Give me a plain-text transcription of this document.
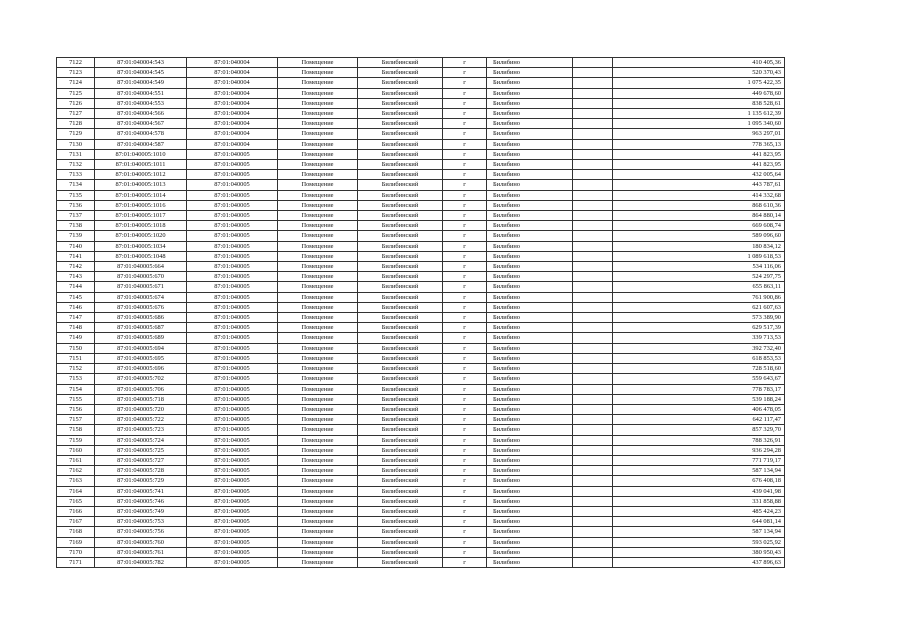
7122	87:01:040004:543	87:01:040004	Помещение	Билибинский	г	Билибино		410 405,36
7123	87:01:040004:545	87:01:040004	Помещение	Билибинский	г	Билибино		520 370,43
7124	87:01:040004:549	87:01:040004	Помещение	Билибинский	г	Билибино		1 075 422,35
7125	87:01:040004:551	87:01:040004	Помещение	Билибинский	г	Билибино		449 678,60
7126	87:01:040004:553	87:01:040004	Помещение	Билибинский	г	Билибино		838 528,61
7127	87:01:040004:566	87:01:040004	Помещение	Билибинский	г	Билибино		1 135 612,39
7128	87:01:040004:567	87:01:040004	Помещение	Билибинский	г	Билибино		1 095 340,60
7129	87:01:040004:578	87:01:040004	Помещение	Билибинский	г	Билибино		963 297,01
7130	87:01:040004:587	87:01:040004	Помещение	Билибинский	г	Билибино		778 365,13
7131	87:01:040005:1010	87:01:040005	Помещение	Билибинский	г	Билибино		441 823,95
7132	87:01:040005:1011	87:01:040005	Помещение	Билибинский	г	Билибино		441 823,95
7133	87:01:040005:1012	87:01:040005	Помещение	Билибинский	г	Билибино		432 005,64
7134	87:01:040005:1013	87:01:040005	Помещение	Билибинский	г	Билибино		443 787,61
7135	87:01:040005:1014	87:01:040005	Помещение	Билибинский	г	Билибино		414 332,68
7136	87:01:040005:1016	87:01:040005	Помещение	Билибинский	г	Билибино		868 610,36
7137	87:01:040005:1017	87:01:040005	Помещение	Билибинский	г	Билибино		864 880,14
7138	87:01:040005:1018	87:01:040005	Помещение	Билибинский	г	Билибино		669 608,74
7139	87:01:040005:1020	87:01:040005	Помещение	Билибинский	г	Билибино		589 096,60
7140	87:01:040005:1034	87:01:040005	Помещение	Билибинский	г	Билибино		180 834,12
7141	87:01:040005:1048	87:01:040005	Помещение	Билибинский	г	Билибино		1 089 618,53
7142	87:01:040005:664	87:01:040005	Помещение	Билибинский	г	Билибино		534 116,06
7143	87:01:040005:670	87:01:040005	Помещение	Билибинский	г	Билибино		524 297,75
7144	87:01:040005:671	87:01:040005	Помещение	Билибинский	г	Билибино		655 863,11
7145	87:01:040005:674	87:01:040005	Помещение	Билибинский	г	Билибино		761 900,86
7146	87:01:040005:676	87:01:040005	Помещение	Билибинский	г	Билибино		621 607,63
7147	87:01:040005:686	87:01:040005	Помещение	Билибинский	г	Билибино		573 389,90
7148	87:01:040005:687	87:01:040005	Помещение	Билибинский	г	Билибино		629 517,39
7149	87:01:040005:689	87:01:040005	Помещение	Билибинский	г	Билибино		339 713,53
7150	87:01:040005:694	87:01:040005	Помещение	Билибинский	г	Билибино		392 732,40
7151	87:01:040005:695	87:01:040005	Помещение	Билибинский	г	Билибино		618 853,53
7152	87:01:040005:696	87:01:040005	Помещение	Билибинский	г	Билибино		728 518,60
7153	87:01:040005:702	87:01:040005	Помещение	Билибинский	г	Билибино		559 643,67
7154	87:01:040005:706	87:01:040005	Помещение	Билибинский	г	Билибино		778 783,17
7155	87:01:040005:718	87:01:040005	Помещение	Билибинский	г	Билибино		539 188,24
7156	87:01:040005:720	87:01:040005	Помещение	Билибинский	г	Билибино		406 478,05
7157	87:01:040005:722	87:01:040005	Помещение	Билибинский	г	Билибино		642 117,47
7158	87:01:040005:723	87:01:040005	Помещение	Билибинский	г	Билибино		857 329,70
7159	87:01:040005:724	87:01:040005	Помещение	Билибинский	г	Билибино		788 326,91
7160	87:01:040005:725	87:01:040005	Помещение	Билибинский	г	Билибино		936 294,28
7161	87:01:040005:727	87:01:040005	Помещение	Билибинский	г	Билибино		771 719,17
7162	87:01:040005:728	87:01:040005	Помещение	Билибинский	г	Билибино		587 134,94
7163	87:01:040005:729	87:01:040005	Помещение	Билибинский	г	Билибино		676 408,18
7164	87:01:040005:741	87:01:040005	Помещение	Билибинский	г	Билибино		439 041,98
7165	87:01:040005:746	87:01:040005	Помещение	Билибинский	г	Билибино		331 858,88
7166	87:01:040005:749	87:01:040005	Помещение	Билибинский	г	Билибино		485 424,23
7167	87:01:040005:753	87:01:040005	Помещение	Билибинский	г	Билибино		644 081,14
7168	87:01:040005:756	87:01:040005	Помещение	Билибинский	г	Билибино		587 134,94
7169	87:01:040005:760	87:01:040005	Помещение	Билибинский	г	Билибино		593 025,92
7170	87:01:040005:761	87:01:040005	Помещение	Билибинский	г	Билибино		380 950,43
7171	87:01:040005:782	87:01:040005	Помещение	Билибинский	г	Билибино		437 896,63
